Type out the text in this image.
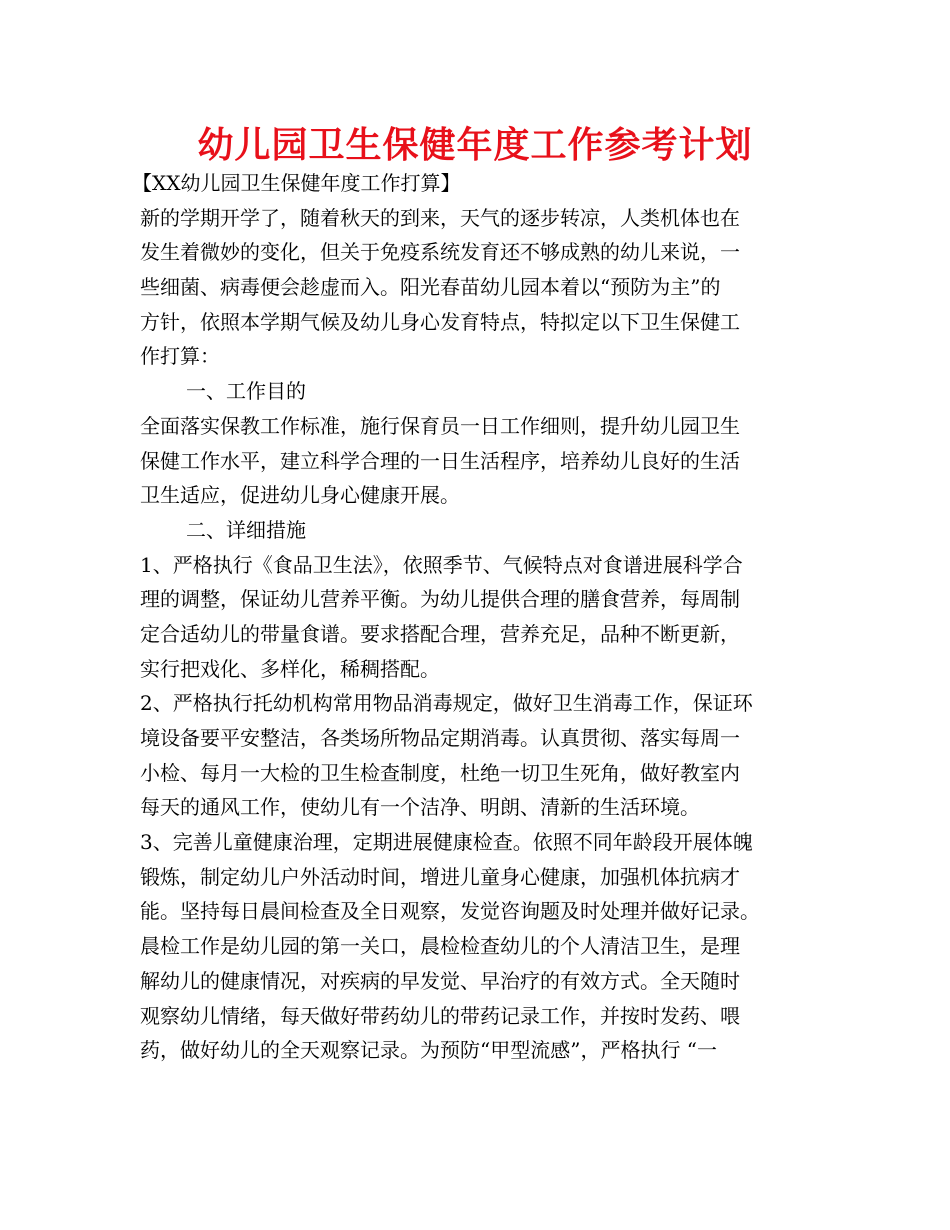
幼儿园卫生保健年度工作参考计划

【XX幼儿园卫生保健年度工作打算】

新的学期开学了，随着秋天的到来，天气的逐步转凉，人类机体也在

发生着微妙的变化，但关于免疫系统发育还不够成熟的幼儿来说，一

些细菌、病毒便会趁虚而入。阳光春苗幼儿园本着以“预防为主”的

方针，依照本学期气候及幼儿身心发育特点，特拟定以下卫生保健工

作打算：

一、工作目的

全面落实保教工作标准，施行保育员一日工作细则，提升幼儿园卫生

保健工作水平，建立科学合理的一日生活程序，培养幼儿良好的生活

卫生适应，促进幼儿身心健康开展。

二、详细措施

1、严格执行《食品卫生法》，依照季节、气候特点对食谱进展科学合

理的调整，保证幼儿营养平衡。为幼儿提供合理的膳食营养，每周制

定合适幼儿的带量食谱。要求搭配合理，营养充足，品种不断更新，

实行把戏化、多样化，稀稠搭配。

2、严格执行托幼机构常用物品消毒规定，做好卫生消毒工作，保证环

境设备要平安整洁，各类场所物品定期消毒。认真贯彻、落实每周一

小检、每月一大检的卫生检查制度，杜绝一切卫生死角，做好教室内

每天的通风工作，使幼儿有一个洁净、明朗、清新的生活环境。

3、完善儿童健康治理，定期进展健康检查。依照不同年龄段开展体魄

锻炼，制定幼儿户外活动时间，增进儿童身心健康，加强机体抗病才

能。坚持每日晨间检查及全日观察，发觉咨询题及时处理并做好记录。

晨检工作是幼儿园的第一关口，晨检检查幼儿的个人清洁卫生，是理

解幼儿的健康情况，对疾病的早发觉、早治疗的有效方式。全天随时

观察幼儿情绪，每天做好带药幼儿的带药记录工作，并按时发药、喂

药，做好幼儿的全天观察记录。为预防“甲型流感”，严格执行 “一
